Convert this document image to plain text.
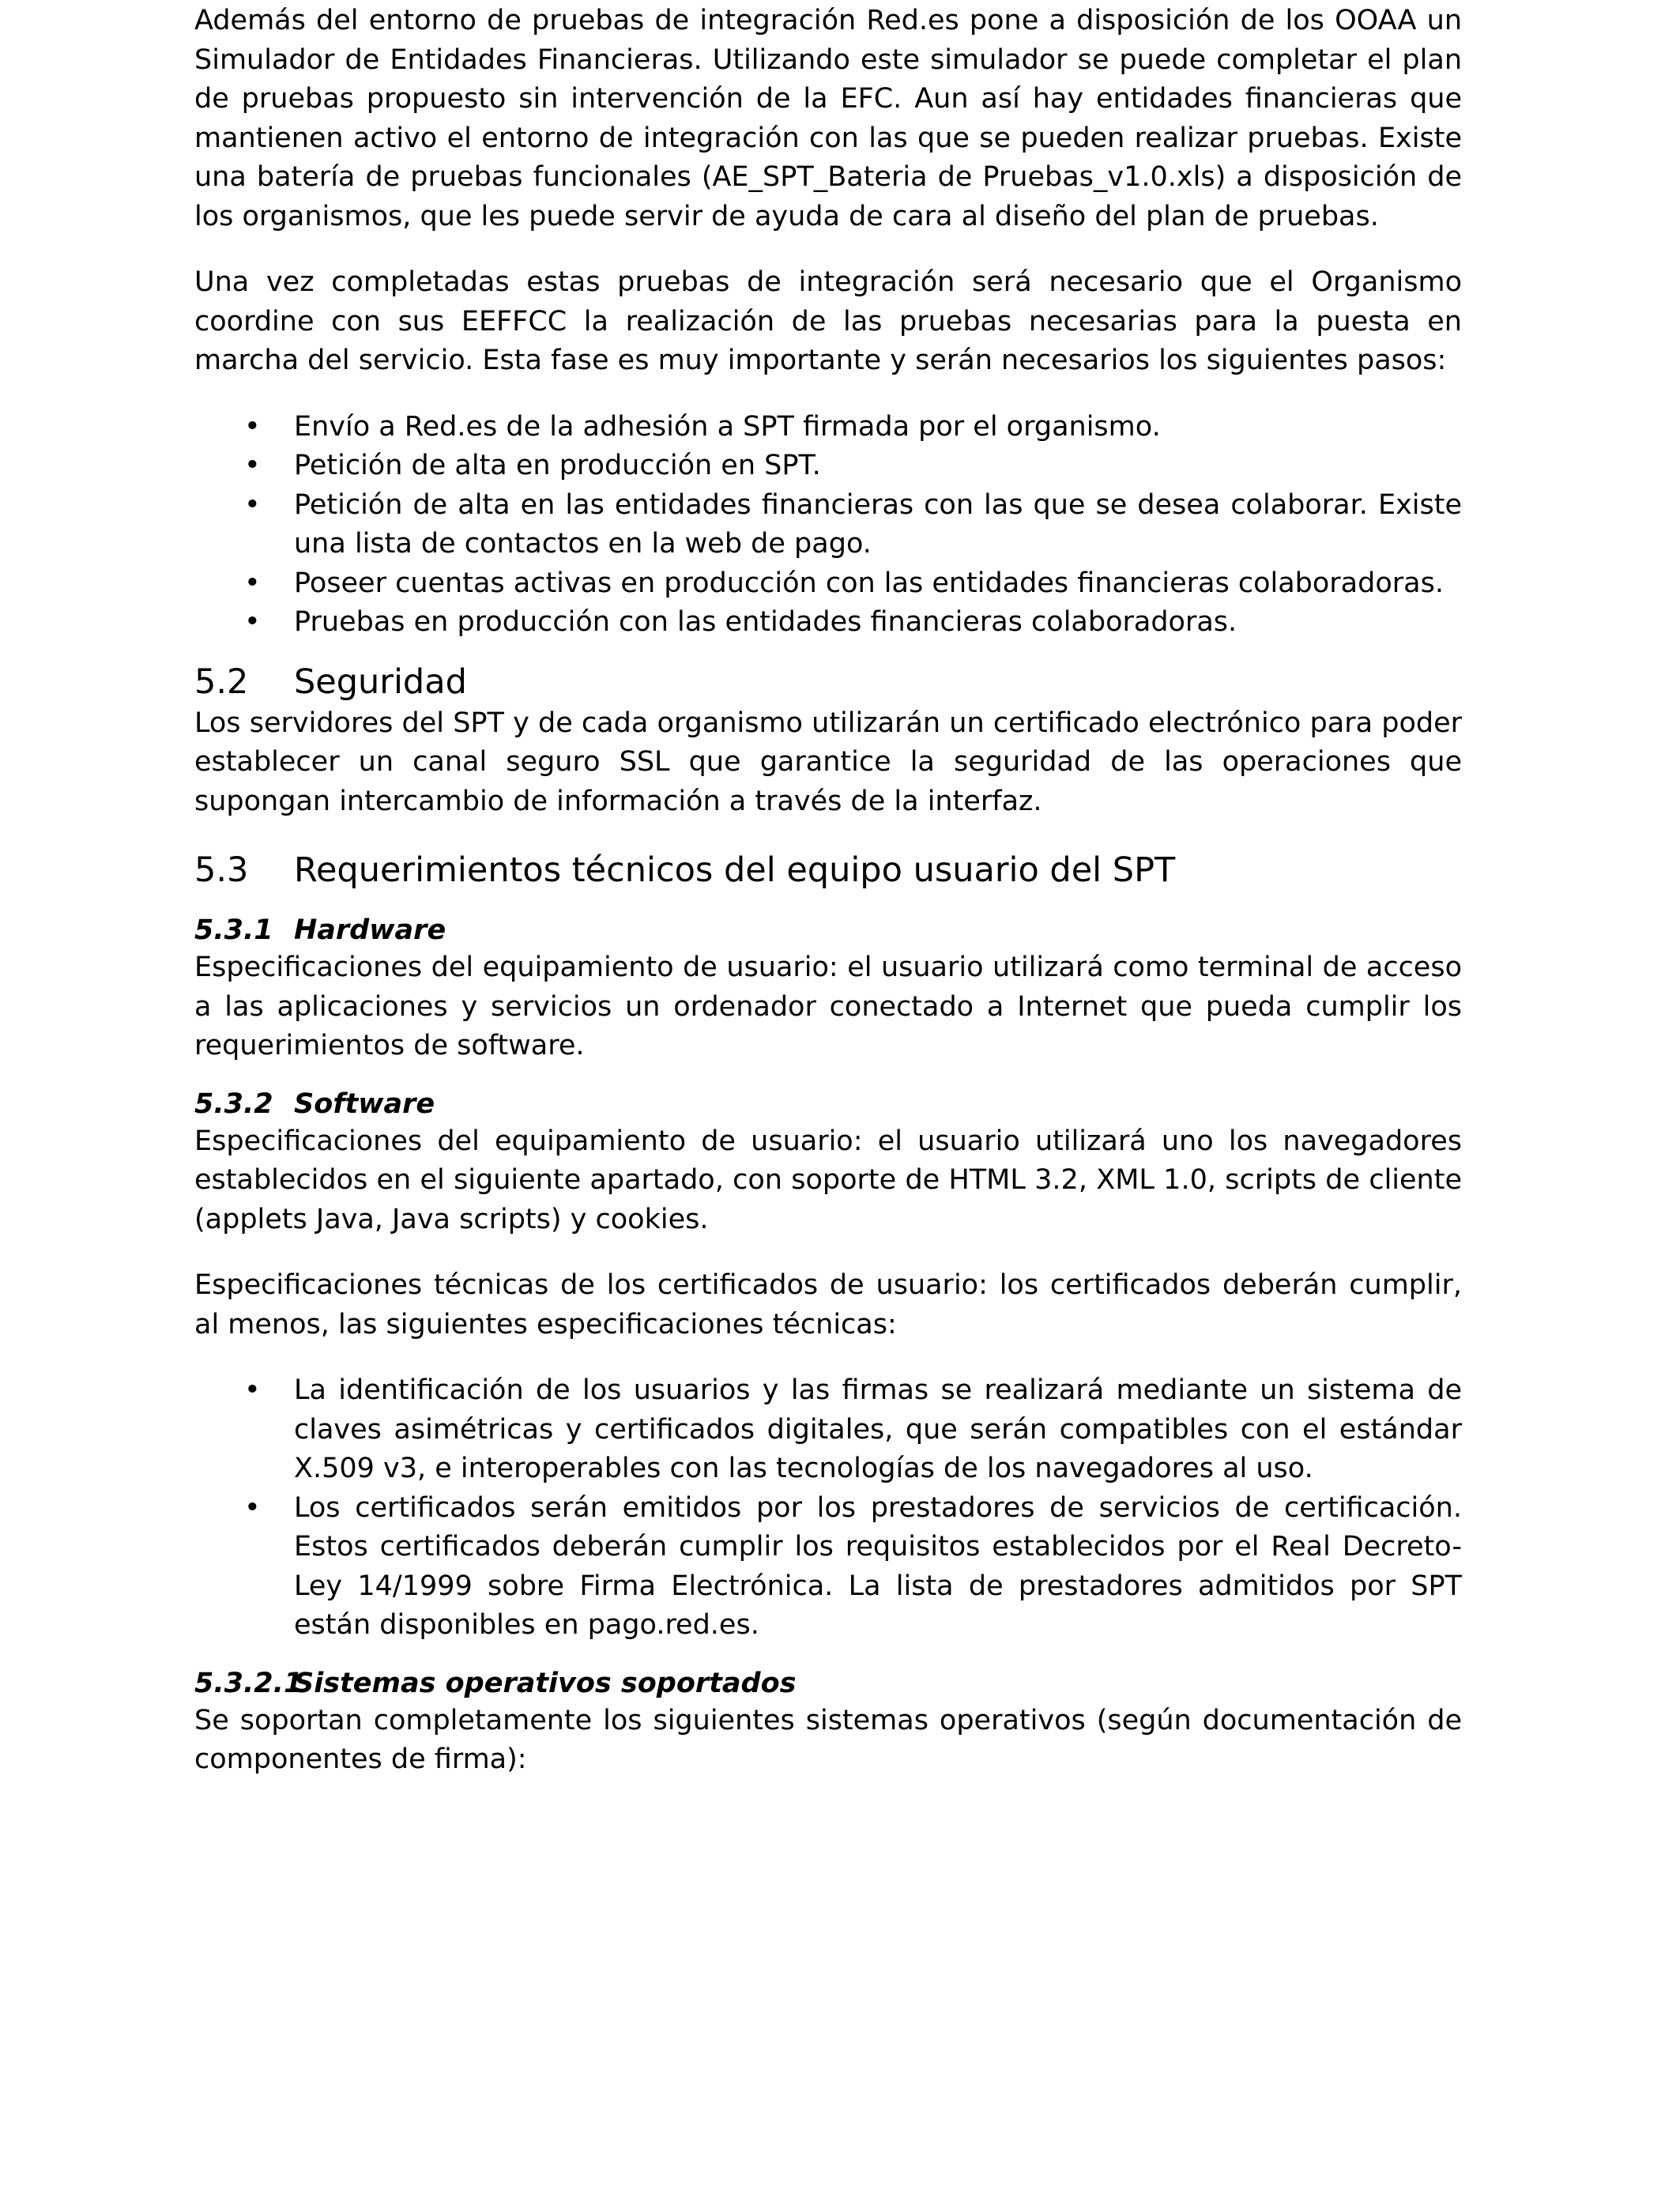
Además del entorno de pruebas de integración Red.es pone a disposición de los OOAA un Simulador de Entidades Financieras. Utilizando este simulador se puede completar el plan de pruebas propuesto sin intervención de la EFC. Aun así hay entidades financieras que mantienen activo el entorno de integración con las que se pueden realizar pruebas. Existe una batería de pruebas funcionales (AE_SPT_Bateria de Pruebas_v1.0.xls) a disposición de los organismos, que les puede servir de ayuda de cara al diseño del plan de pruebas.

Una vez completadas estas pruebas de integración será necesario que el Organismo coordine con sus EEFFCC la realización de las pruebas necesarias para la puesta en marcha del servicio. Esta fase es muy importante y serán necesarios los siguientes pasos:

• Envío a Red.es de la adhesión a SPT firmada por el organismo.
• Petición de alta en producción en SPT.
• Petición de alta en las entidades financieras con las que se desea colaborar. Existe una lista de contactos en la web de pago.
• Poseer cuentas activas en producción con las entidades financieras colaboradoras.
• Pruebas en producción con las entidades financieras colaboradoras.
5.2	Seguridad

Los servidores del SPT y de cada organismo utilizarán un certificado electrónico para poder establecer un canal seguro SSL que garantice la seguridad de las operaciones que supongan intercambio de información a través de la interfaz.

5.3	Requerimientos técnicos del equipo usuario del SPT
5.3.1 Hardware

Especificaciones del equipamiento de usuario: el usuario utilizará como terminal de acceso a las aplicaciones y servicios un ordenador conectado a Internet que pueda cumplir los requerimientos de software.

5.3.2 Software

Especificaciones del equipamiento de usuario: el usuario utilizará uno los navegadores establecidos en el siguiente apartado, con soporte de HTML 3.2, XML 1.0, scripts de cliente (applets Java, Java scripts) y cookies.

Especificaciones técnicas de los certificados de usuario: los certificados deberán cumplir, al menos, las siguientes especificaciones técnicas:

• La identificación de los usuarios y las firmas se realizará mediante un sistema de claves asimétricas y certificados digitales, que serán compatibles con el estándar X.509 v3, e interoperables con las tecnologías de los navegadores al uso.
• Los certificados serán emitidos por los prestadores de servicios de certificación. Estos certificados deberán cumplir los requisitos establecidos por el Real Decreto-Ley 14/1999 sobre Firma Electrónica. La lista de prestadores admitidos por SPT están disponibles en pago.red.es.
5.3.2.1
Sistemas operativos soportados

Se soportan completamente los siguientes sistemas operativos (según documentación de componentes de firma):
